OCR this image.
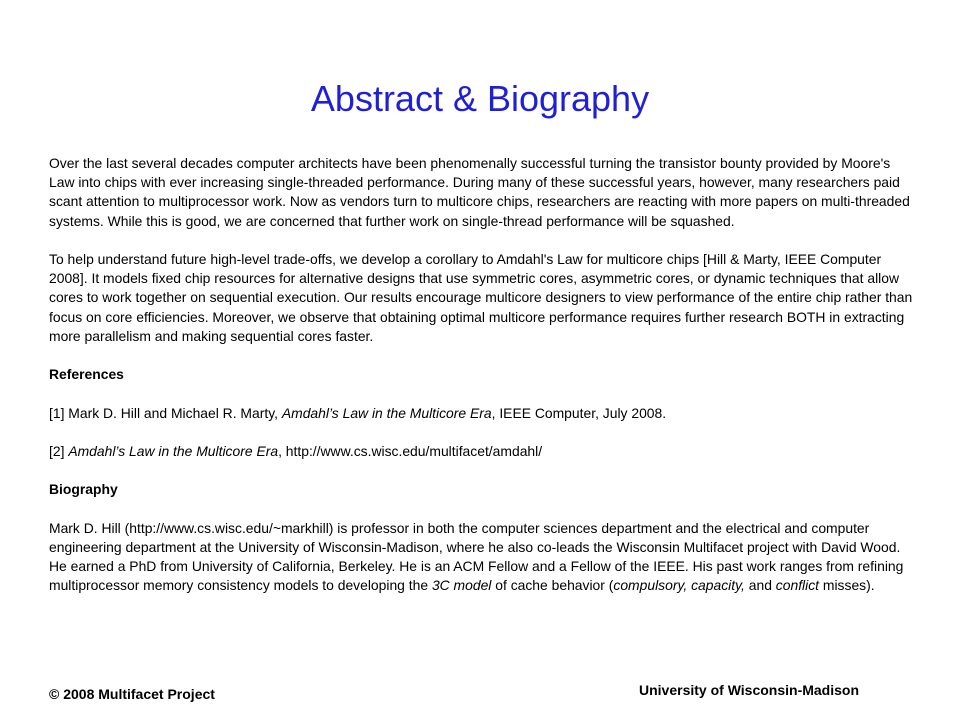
Abstract & Biography

Over the last several decades computer architects have been phenomenally successful turning the transistor bounty provided by Moore's Law into chips with ever increasing single-threaded performance. During many of these successful years, however, many researchers paid scant attention to multiprocessor work. Now as vendors turn to multicore chips, researchers are reacting with more papers on multi-threaded systems. While this is good, we are concerned that further work on single-thread performance will be squashed.

To help understand future high-level trade-offs, we develop a corollary to Amdahl's Law for multicore chips [Hill & Marty, IEEE Computer 2008]. It models fixed chip resources for alternative designs that use symmetric cores, asymmetric cores, or dynamic techniques that allow cores to work together on sequential execution. Our results encourage multicore designers to view performance of the entire chip rather than focus on core efficiencies. Moreover, we observe that obtaining optimal multicore performance requires further research BOTH in extracting more parallelism and making sequential cores faster.

References

[1] Mark D. Hill and Michael R. Marty, Amdahl’s Law in the Multicore Era, IEEE Computer, July 2008.

[2] Amdahl’s Law in the Multicore Era, http://www.cs.wisc.edu/multifacet/amdahl/

Biography

Mark D. Hill (http://www.cs.wisc.edu/~markhill) is professor in both the computer sciences department and the electrical and computer engineering department at the University of Wisconsin-Madison, where he also co-leads the Wisconsin Multifacet project with David Wood. He earned a PhD from University of California, Berkeley. He is an ACM Fellow and a Fellow of the IEEE. His past work ranges from refining multiprocessor memory consistency models to developing the 3C model of cache behavior (compulsory, capacity, and conflict misses).

© 2008 Multifacet Project	University of Wisconsin-Madison
